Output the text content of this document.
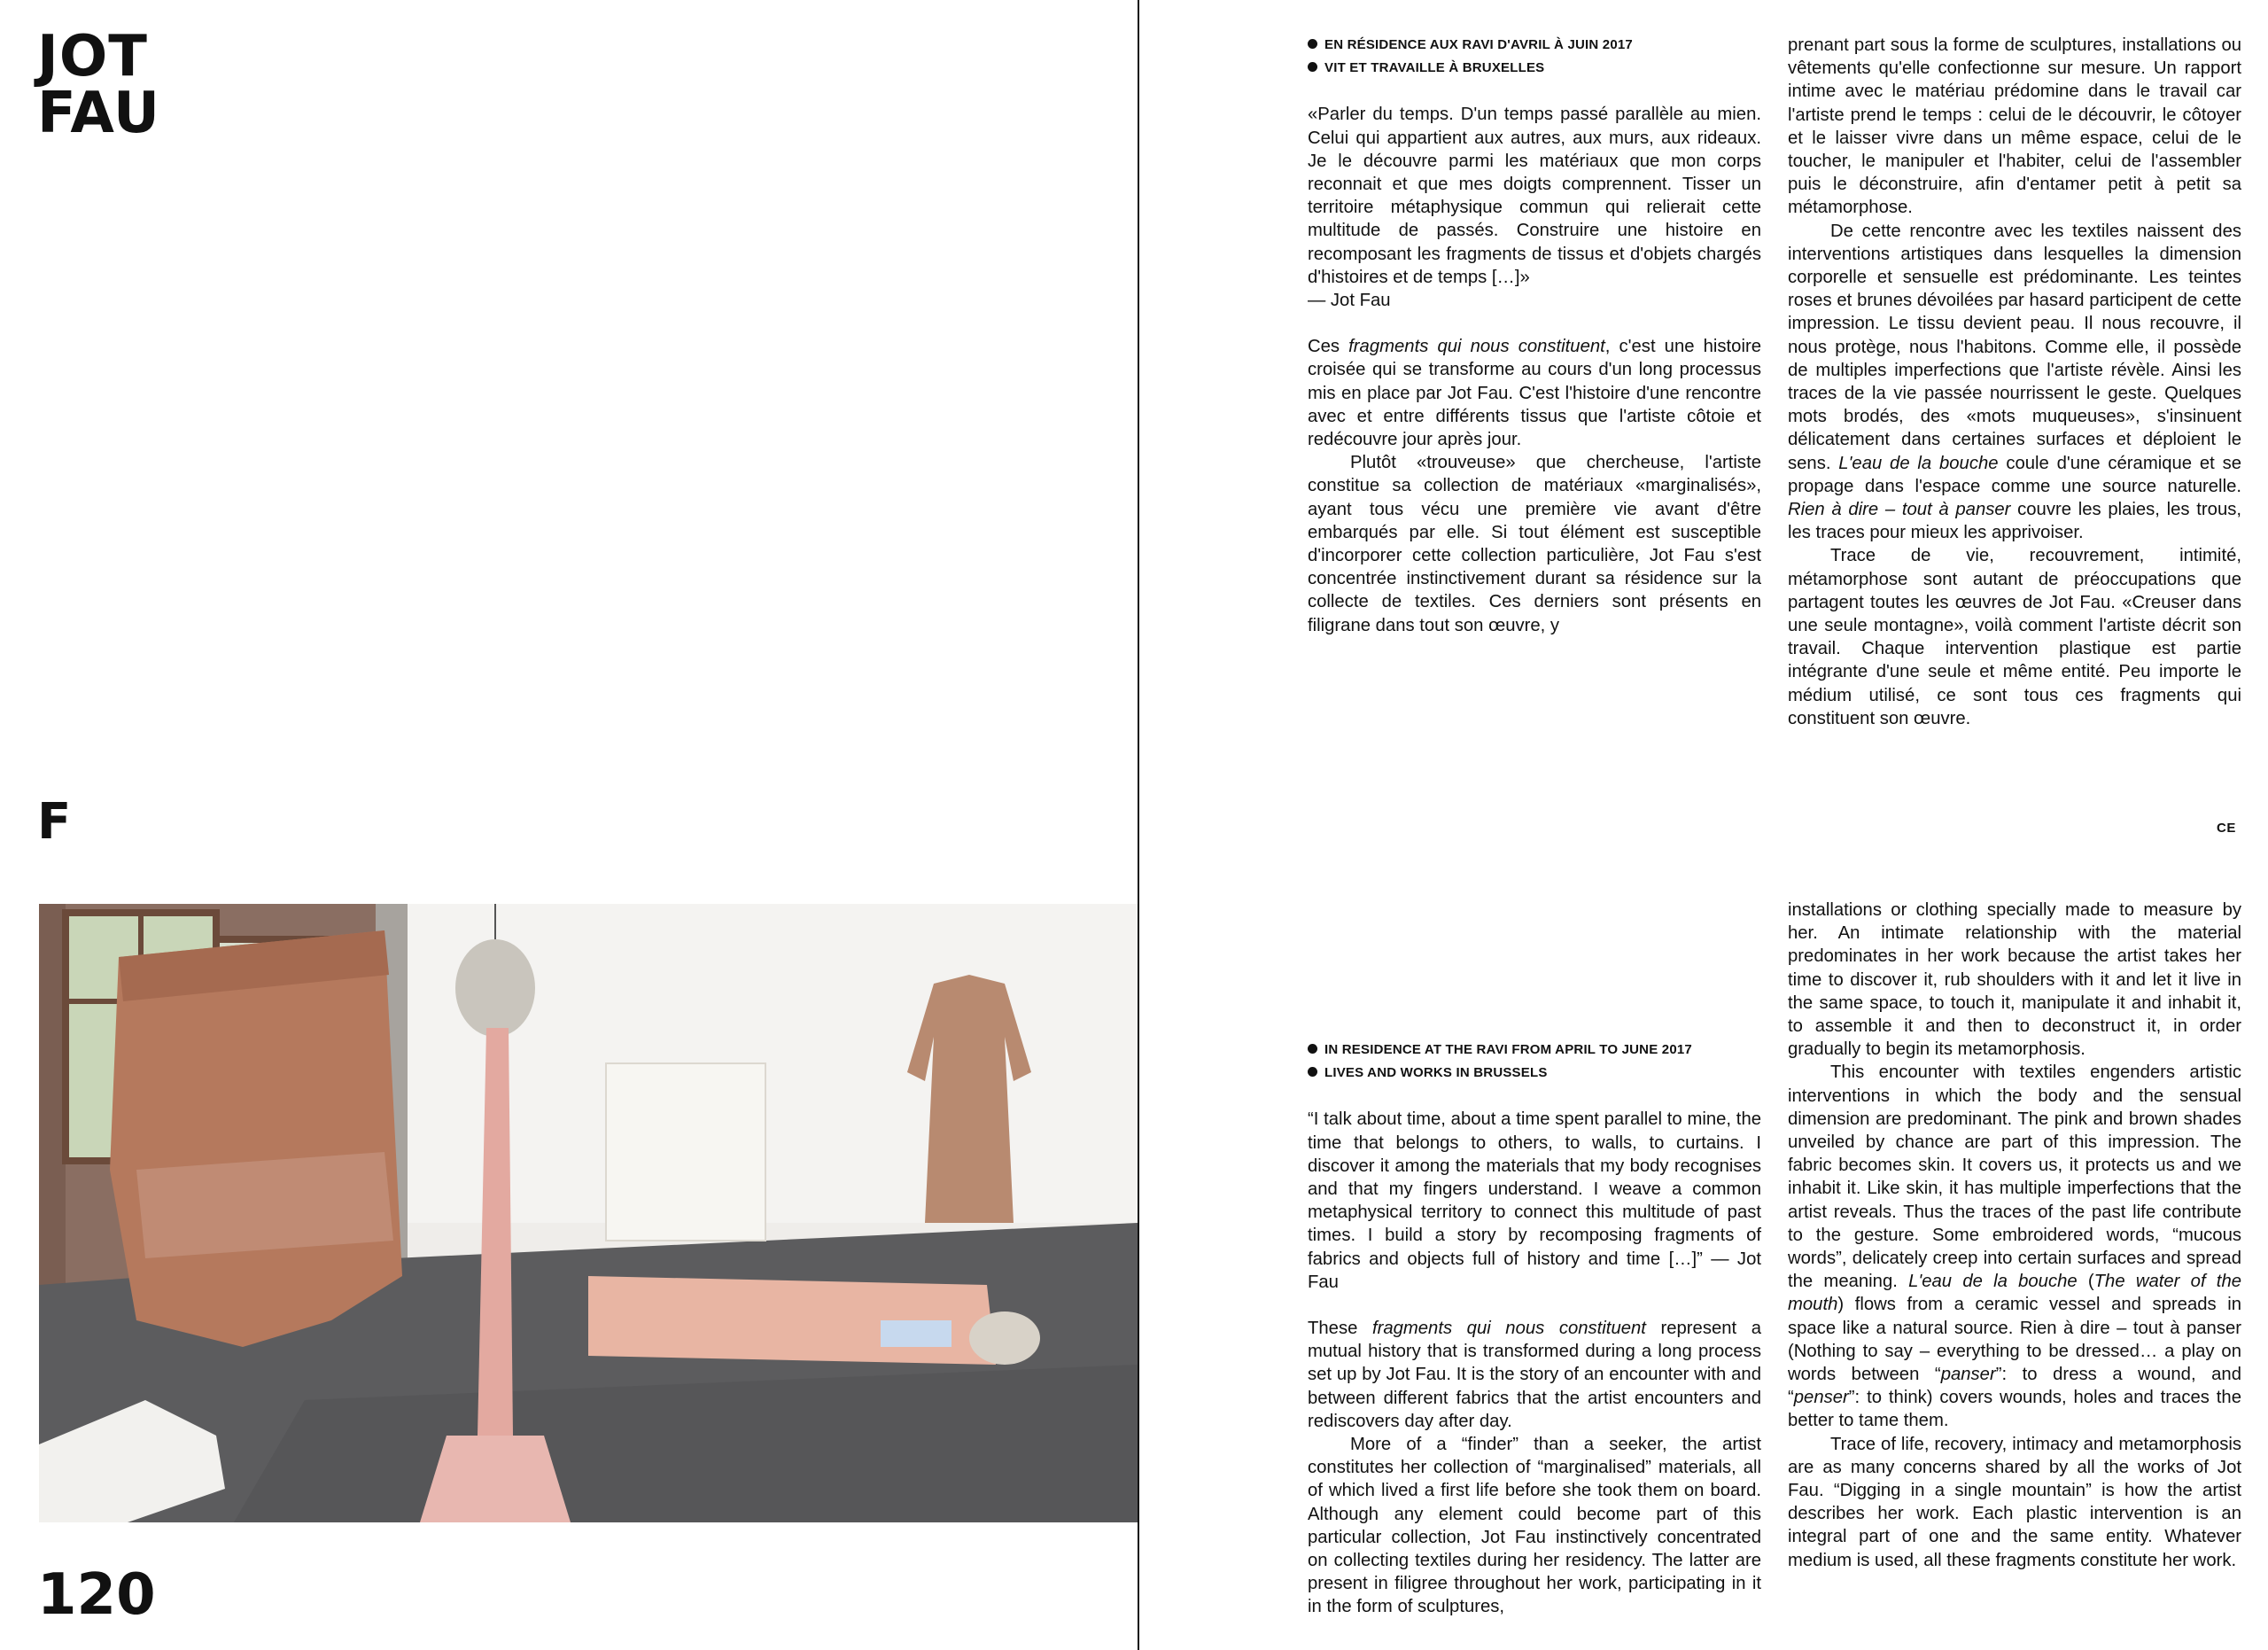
JOT
FAU
F
120
EN RÉSIDENCE AUX RAVI D'AVRIL À JUIN 2017
VIT ET TRAVAILLE À BRUXELLES

«Parler du temps. D'un temps passé parallèle au mien. Celui qui appartient aux autres, aux murs, aux rideaux. Je le découvre parmi les matériaux que mon corps reconnait et que mes doigts comprennent. Tisser un territoire métaphysique commun qui relierait cette multitude de passés. Construire une histoire en recomposant les fragments de tissus et d'objets chargés d'histoires et de temps […]»
— Jot Fau

Ces fragments qui nous constituent, c'est une histoire croisée qui se transforme au cours d'un long processus mis en place par Jot Fau. C'est l'histoire d'une rencontre avec et entre différents tissus que l'artiste côtoie et redécouvre jour après jour.

Plutôt «trouveuse» que chercheuse, l'artiste constitue sa collection de matériaux «marginalisés», ayant tous vécu une première vie avant d'être embarqués par elle. Si tout élément est susceptible d'incorporer cette collection particulière, Jot Fau s'est concentrée instinctivement durant sa résidence sur la collecte de textiles. Ces derniers sont présents en filigrane dans tout son œuvre, y

prenant part sous la forme de sculptures, installations ou vêtements qu'elle confectionne sur mesure. Un rapport intime avec le matériau prédomine dans le travail car l'artiste prend le temps : celui de le découvrir, le côtoyer et le laisser vivre dans un même espace, celui de le toucher, le manipuler et l'habiter, celui de l'assembler puis le déconstruire, afin d'entamer petit à petit sa métamorphose.

De cette rencontre avec les textiles naissent des interventions artistiques dans lesquelles la dimension corporelle et sensuelle est prédominante. Les teintes roses et brunes dévoilées par hasard participent de cette impression. Le tissu devient peau. Il nous recouvre, il nous protège, nous l'habitons. Comme elle, il possède de multiples imperfections que l'artiste révèle. Ainsi les traces de la vie passée nourrissent le geste. Quelques mots brodés, des «mots muqueuses», s'insinuent délicatement dans certaines surfaces et déploient le sens. L'eau de la bouche coule d'une céramique et se propage dans l'espace comme une source naturelle. Rien à dire – tout à panser couvre les plaies, les trous, les traces pour mieux les apprivoiser.

Trace de vie, recouvrement, intimité, métamorphose sont autant de préoccupations que partagent toutes les œuvres de Jot Fau. «Creuser dans une seule montagne», voilà comment l'artiste décrit son travail. Chaque intervention plastique est partie intégrante d'une seule et même entité. Peu importe le médium utilisé, ce sont tous ces fragments qui constituent son œuvre.

CE
IN RESIDENCE AT THE RAVI FROM APRIL TO JUNE 2017
LIVES AND WORKS IN BRUSSELS

“I talk about time, about a time spent parallel to mine, the time that belongs to others, to walls, to curtains. I discover it among the materials that my body recognises and that my fingers understand. I weave a common metaphysical territory to connect this multitude of past times. I build a story by recomposing fragments of fabrics and objects full of history and time […]” — Jot Fau

These fragments qui nous constituent represent a mutual history that is transformed during a long process set up by Jot Fau. It is the story of an encounter with and between different fabrics that the artist encounters and rediscovers day after day.

More of a “finder” than a seeker, the artist constitutes her collection of “marginalised” materials, all of which lived a first life before she took them on board. Although any element could become part of this particular collection, Jot Fau instinctively concentrated on collecting textiles during her residency. The latter are present in filigree throughout her work, participating in it in the form of sculptures,

installations or clothing specially made to measure by her. An intimate relationship with the material predominates in her work because the artist takes her time to discover it, rub shoulders with it and let it live in the same space, to touch it, manipulate it and inhabit it, to assemble it and then to deconstruct it, in order gradually to begin its metamorphosis.

This encounter with textiles engenders artistic interventions in which the body and the sensual dimension are predominant. The pink and brown shades unveiled by chance are part of this impression. The fabric becomes skin. It covers us, it protects us and we inhabit it. Like skin, it has multiple imperfections that the artist reveals. Thus the traces of the past life contribute to the gesture. Some embroidered words, “mucous words”, delicately creep into certain surfaces and spread the meaning. L'eau de la bouche (The water of the mouth) flows from a ceramic vessel and spreads in space like a natural source. Rien à dire – tout à panser (Nothing to say – everything to be dressed… a play on words between “panser”: to dress a wound, and “penser”: to think) covers wounds, holes and traces the better to tame them.

Trace of life, recovery, intimacy and metamorphosis are as many concerns shared by all the works of Jot Fau. “Digging in a single mountain” is how the artist describes her work. Each plastic intervention is an integral part of one and the same entity. Whatever medium is used, all these fragments constitute her work.
